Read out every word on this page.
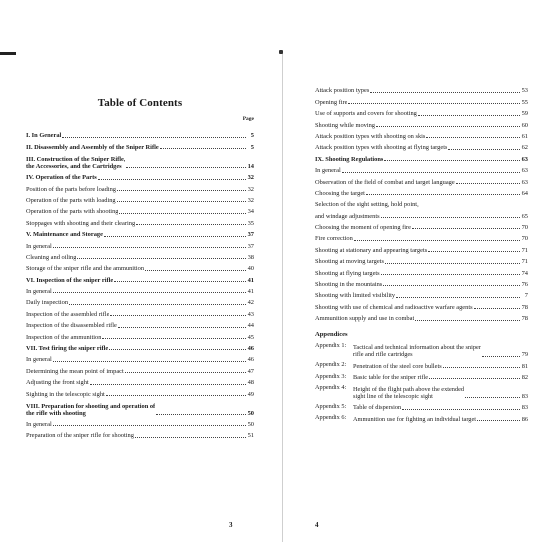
Table of Contents
Page
I. In General	5
II. Disassembly and Assembly of the Sniper Rifle	5
III. Construction of the Sniper Rifle,
the Accessories, and the Cartridges	14
IV. Operation of the Parts	32
Position of the parts before loading	32
Operation of the parts with loading	32
Operation of the parts with shooting	34
Stoppages with shooting and their clearing	35
V. Maintenance and Storage	37
In general	37
Cleaning and oiling	38
Storage of the sniper rifle and the ammunition	40
VI. Inspection of the sniper rifle	41
In general	41
Daily inspection	42
Inspection of the assembled rifle	43
Inspection of the disassembled rifle	44
Inspection of the ammunition	45
VII. Test firing the sniper rifle	46
In general	46
Determining the mean point of impact	47
Adjusting the front sight	48
Sighting in the telescopic sight	49
VIII. Preparation for shooting and operation of
the rifle with shooting	50
In general	50
Preparation of the sniper rifle for shooting	51
3
Attack position types	53
Opening fire	55
Use of supports and covers for shooting	59
Shooting while moving	60
Attack position types with shooting on skis	61
Attack position types with shooting at flying targets	62
IX. Shooting Regulations	63
In general	63
Observation of the field of combat and target language	63
Choosing the target	64
Selection of the sight setting, hold point,
and windage adjustments	65
Choosing the moment of opening fire	70
Fire correction	70
Shooting at stationary and appearing targets	71
Shooting at moving targets	71
Shooting at flying targets	74
Shooting in the mountains	76
Shooting with limited visibility	7
Shooting with use of chemical and radioactive warfare agents	78
Ammunition supply and use in combat	78
Appendices
Appendix 1:	Tactical and technical information about the sniper
rifle and rifle cartridges	79
Appendix 2:	Penetration of the steel core bullets	81
Appendix 3:	Basic table for the sniper rifle	82
Appendix 4:	Height of the flight path above the extended
sight line of the telescopic sight	83
Appendix 5:	Table of dispersion	83
Appendix 6:	Ammunition use for fighting an individual target	86
4
